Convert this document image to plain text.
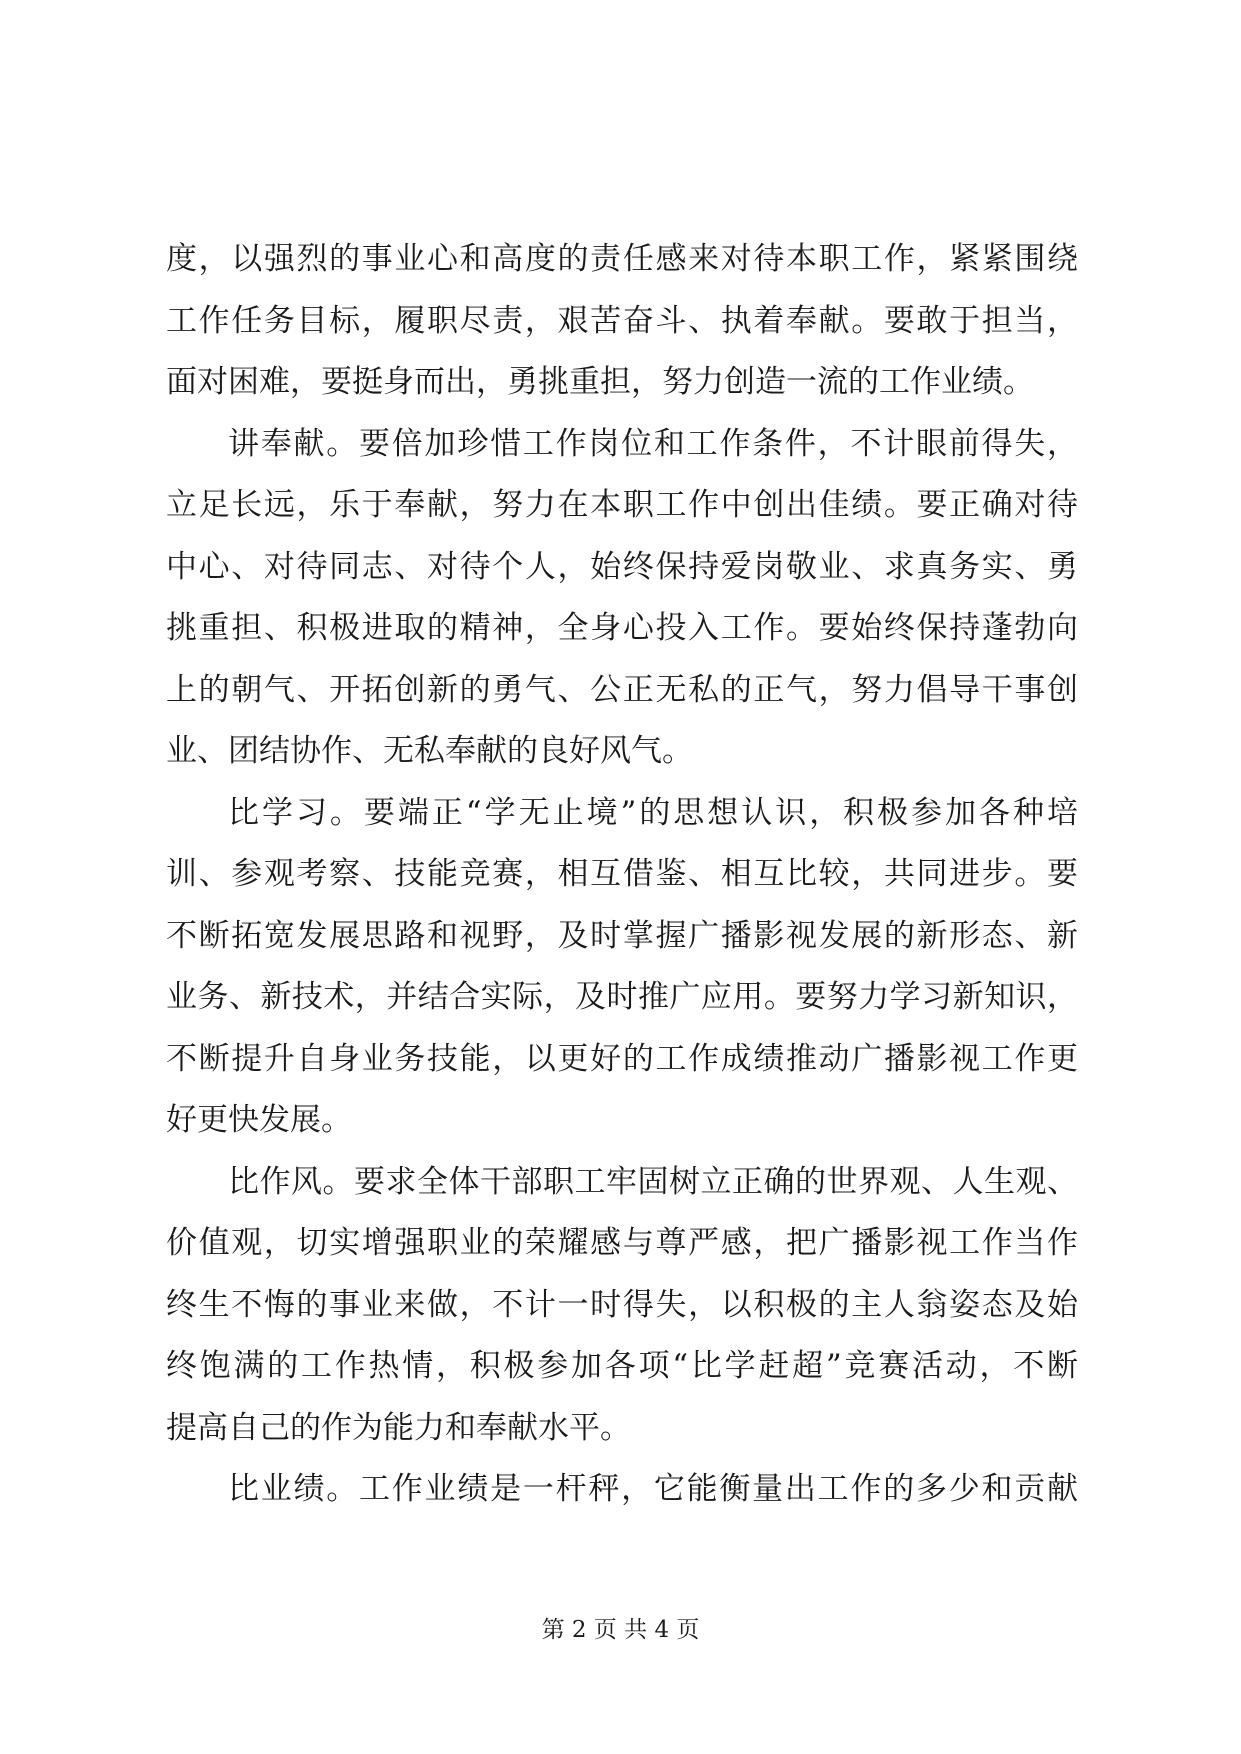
度，以强烈的事业心和高度的责任感来对待本职工作，紧紧围绕
工作任务目标，履职尽责，艰苦奋斗、执着奉献。要敢于担当，
面对困难，要挺身而出，勇挑重担，努力创造一流的工作业绩。
讲奉献。要倍加珍惜工作岗位和工作条件，不计眼前得失，
立足长远，乐于奉献，努力在本职工作中创出佳绩。要正确对待
中心、对待同志、对待个人，始终保持爱岗敬业、求真务实、勇
挑重担、积极进取的精神，全身心投入工作。要始终保持蓬勃向
上的朝气、开拓创新的勇气、公正无私的正气，努力倡导干事创
业、团结协作、无私奉献的良好风气。
比学习。要端正“学无止境”的思想认识，积极参加各种培
训、参观考察、技能竞赛，相互借鉴、相互比较，共同进步。要
不断拓宽发展思路和视野，及时掌握广播影视发展的新形态、新
业务、新技术，并结合实际，及时推广应用。要努力学习新知识，
不断提升自身业务技能，以更好的工作成绩推动广播影视工作更
好更快发展。
比作风。要求全体干部职工牢固树立正确的世界观、人生观、
价值观，切实增强职业的荣耀感与尊严感，把广播影视工作当作
终生不悔的事业来做，不计一时得失，以积极的主人翁姿态及始
终饱满的工作热情，积极参加各项“比学赶超”竞赛活动，不断
提高自己的作为能力和奉献水平。
比业绩。工作业绩是一杆秤，它能衡量出工作的多少和贡献
第 2 页 共 4 页
